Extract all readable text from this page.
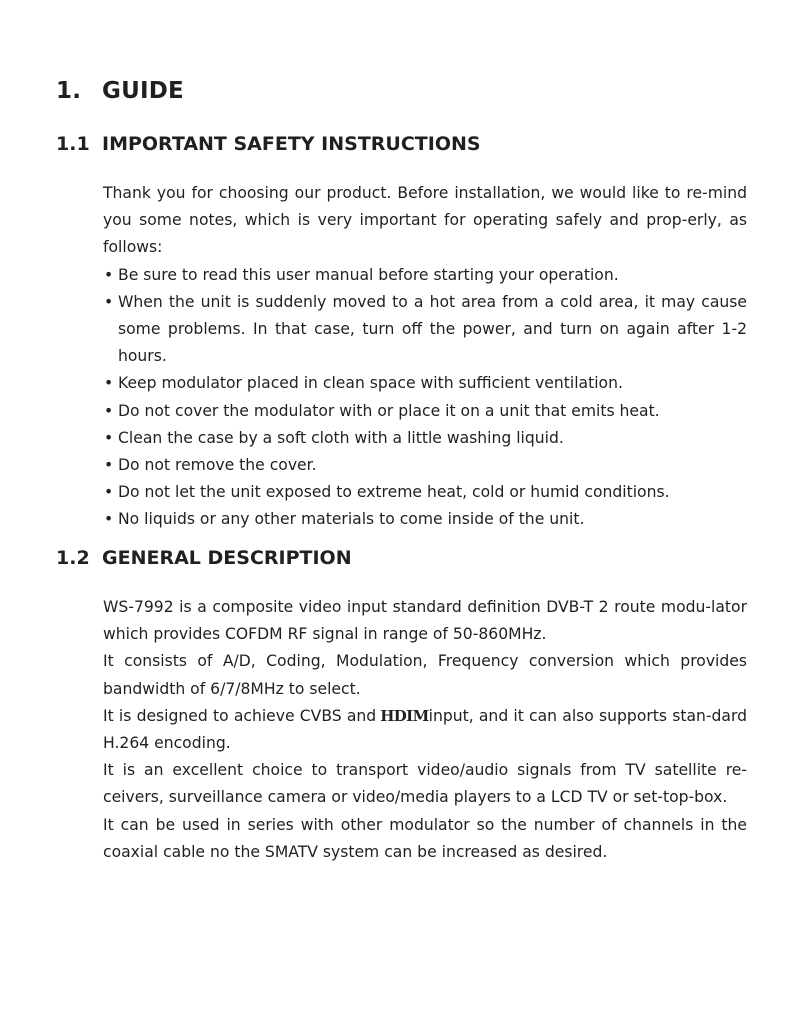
1. GUIDE
1.1 IMPORTANT SAFETY INSTRUCTIONS

Thank you for choosing our product. Before installation, we would like to re-mind you some notes, which is very important for operating safely and prop-erly, as follows:

• Be sure to read this user manual before starting your operation.
• When the unit is suddenly moved to a hot area from a cold area, it may cause some problems. In that case, turn off the power, and turn on again after 1-2 hours.
• Keep modulator placed in clean space with sufficient ventilation.
• Do not cover the modulator with or place it on a unit that emits heat.
• Clean the case by a soft cloth with a little washing liquid.
• Do not remove the cover.
• Do not let the unit exposed to extreme heat, cold or humid conditions.
• No liquids or any other materials to come inside of the unit.
1.2 GENERAL DESCRIPTION

WS-7992 is a composite video input standard definition DVB-T 2 route modu-lator which provides COFDM RF signal in range of 50-860MHz.

It consists of A/D, Coding, Modulation, Frequency conversion which provides bandwidth of 6/7/8MHz to select.

It is designed to achieve CVBS and HDIMinput, and it can also supports stan-dard H.264 encoding.

It is an excellent choice to transport video/audio signals from TV satellite re-ceivers, surveillance camera or video/media players to a LCD TV or set-top-box.

It can be used in series with other modulator so the number of channels in the coaxial cable no the SMATV system can be increased as desired.
